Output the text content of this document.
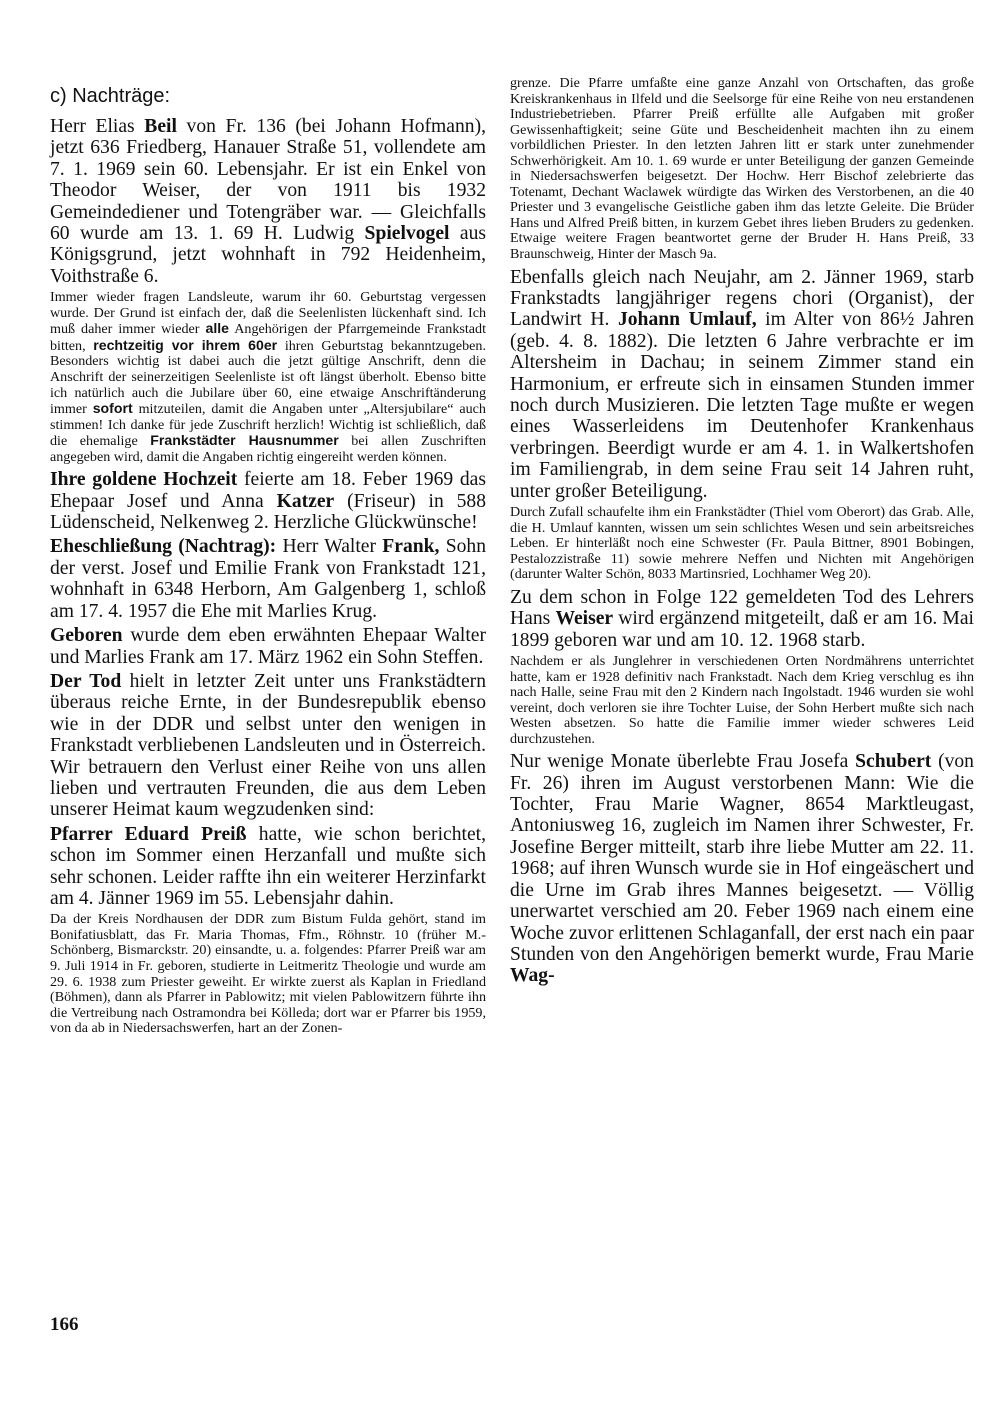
c) Nachträge:

Herr Elias Beil von Fr. 136 (bei Johann Hofmann), jetzt 636 Friedberg, Hanauer Straße 51, vollendete am 7. 1. 1969 sein 60. Lebensjahr. Er ist ein Enkel von Theodor Weiser, der von 1911 bis 1932 Gemeindediener und Totengräber war. — Gleichfalls 60 wurde am 13. 1. 69 H. Ludwig Spielvogel aus Königsgrund, jetzt wohnhaft in 792 Heidenheim, Voithstraße 6.

Immer wieder fragen Landsleute, warum ihr 60. Geburtstag vergessen wurde. Der Grund ist einfach der, daß die Seelenlisten lückenhaft sind. Ich muß daher immer wieder alle Angehörigen der Pfarrgemeinde Frankstadt bitten, rechtzeitig vor ihrem 60er ihren Geburtstag bekanntzugeben. Besonders wichtig ist dabei auch die jetzt gültige Anschrift, denn die Anschrift der seinerzeitigen Seelenliste ist oft längst überholt. Ebenso bitte ich natürlich auch die Jubilare über 60, eine etwaige Anschriftänderung immer sofort mitzuteilen, damit die Angaben unter „Altersjubilare“ auch stimmen! Ich danke für jede Zuschrift herzlich! Wichtig ist schließlich, daß die ehemalige Frankstädter Hausnummer bei allen Zuschriften angegeben wird, damit die Angaben richtig eingereiht werden können.

Ihre goldene Hochzeit feierte am 18. Feber 1969 das Ehepaar Josef und Anna Katzer (Friseur) in 588 Lüdenscheid, Nelkenweg 2. Herzliche Glückwünsche!

Eheschließung (Nachtrag): Herr Walter Frank, Sohn der verst. Josef und Emilie Frank von Frankstadt 121, wohnhaft in 6348 Herborn, Am Galgenberg 1, schloß am 17. 4. 1957 die Ehe mit Marlies Krug.

Geboren wurde dem eben erwähnten Ehepaar Walter und Marlies Frank am 17. März 1962 ein Sohn Steffen.

Der Tod hielt in letzter Zeit unter uns Frankstädtern überaus reiche Ernte, in der Bundesrepublik ebenso wie in der DDR und selbst unter den wenigen in Frankstadt verbliebenen Landsleuten und in Österreich. Wir betrauern den Verlust einer Reihe von uns allen lieben und vertrauten Freunden, die aus dem Leben unserer Heimat kaum wegzudenken sind:

Pfarrer Eduard Preiß hatte, wie schon berichtet, schon im Sommer einen Herzanfall und mußte sich sehr schonen. Leider raffte ihn ein weiterer Herzinfarkt am 4. Jänner 1969 im 55. Lebensjahr dahin.

Da der Kreis Nordhausen der DDR zum Bistum Fulda gehört, stand im Bonifatiusblatt, das Fr. Maria Thomas, Ffm., Röhnstr. 10 (früher M.-Schönberg, Bismarckstr. 20) einsandte, u. a. folgendes: Pfarrer Preiß war am 9. Juli 1914 in Fr. geboren, studierte in Leitmeritz Theologie und wurde am 29. 6. 1938 zum Priester geweiht. Er wirkte zuerst als Kaplan in Friedland (Böhmen), dann als Pfarrer in Pablowitz; mit vielen Pablowitzern führte ihn die Vertreibung nach Ostramondra bei Kölleda; dort war er Pfarrer bis 1959, von da ab in Niedersachswerfen, hart an der Zonen-

grenze. Die Pfarre umfaßte eine ganze Anzahl von Ortschaften, das große Kreiskrankenhaus in Ilfeld und die Seelsorge für eine Reihe von neu erstandenen Industriebetrieben. Pfarrer Preiß erfüllte alle Aufgaben mit großer Gewissenhaftigkeit; seine Güte und Bescheidenheit machten ihn zu einem vorbildlichen Priester. In den letzten Jahren litt er stark unter zunehmender Schwerhörigkeit. Am 10. 1. 69 wurde er unter Beteiligung der ganzen Gemeinde in Niedersachswerfen beigesetzt. Der Hochw. Herr Bischof zelebrierte das Totenamt, Dechant Waclawek würdigte das Wirken des Verstorbenen, an die 40 Priester und 3 evangelische Geistliche gaben ihm das letzte Geleite. Die Brüder Hans und Alfred Preiß bitten, in kurzem Gebet ihres lieben Bruders zu gedenken. Etwaige weitere Fragen beantwortet gerne der Bruder H. Hans Preiß, 33 Braunschweig, Hinter der Masch 9a.

Ebenfalls gleich nach Neujahr, am 2. Jänner 1969, starb Frankstadts langjähriger regens chori (Organist), der Landwirt H. Johann Umlauf, im Alter von 86½ Jahren (geb. 4. 8. 1882). Die letzten 6 Jahre verbrachte er im Altersheim in Dachau; in seinem Zimmer stand ein Harmonium, er erfreute sich in einsamen Stunden immer noch durch Musizieren. Die letzten Tage mußte er wegen eines Wasserleidens im Deutenhofer Krankenhaus verbringen. Beerdigt wurde er am 4. 1. in Walkertshofen im Familiengrab, in dem seine Frau seit 14 Jahren ruht, unter großer Beteiligung.

Durch Zufall schaufelte ihm ein Frankstädter (Thiel vom Oberort) das Grab. Alle, die H. Umlauf kannten, wissen um sein schlichtes Wesen und sein arbeitsreiches Leben. Er hinterläßt noch eine Schwester (Fr. Paula Bittner, 8901 Bobingen, Pestalozzistraße 11) sowie mehrere Neffen und Nichten mit Angehörigen (darunter Walter Schön, 8033 Martinsried, Lochhamer Weg 20).

Zu dem schon in Folge 122 gemeldeten Tod des Lehrers Hans Weiser wird ergänzend mitgeteilt, daß er am 16. Mai 1899 geboren war und am 10. 12. 1968 starb.

Nachdem er als Junglehrer in verschiedenen Orten Nordmährens unterrichtet hatte, kam er 1928 definitiv nach Frankstadt. Nach dem Krieg verschlug es ihn nach Halle, seine Frau mit den 2 Kindern nach Ingolstadt. 1946 wurden sie wohl vereint, doch verloren sie ihre Tochter Luise, der Sohn Herbert mußte sich nach Westen absetzen. So hatte die Familie immer wieder schweres Leid durchzustehen.

Nur wenige Monate überlebte Frau Josefa Schubert (von Fr. 26) ihren im August verstorbenen Mann: Wie die Tochter, Frau Marie Wagner, 8654 Marktleugast, Antoniusweg 16, zugleich im Namen ihrer Schwester, Fr. Josefine Berger mitteilt, starb ihre liebe Mutter am 22. 11. 1968; auf ihren Wunsch wurde sie in Hof eingeäschert und die Urne im Grab ihres Mannes beigesetzt. — Völlig unerwartet verschied am 20. Feber 1969 nach einem eine Woche zuvor erlittenen Schlaganfall, der erst nach ein paar Stunden von den Angehörigen bemerkt wurde, Frau Marie Wag-

166
